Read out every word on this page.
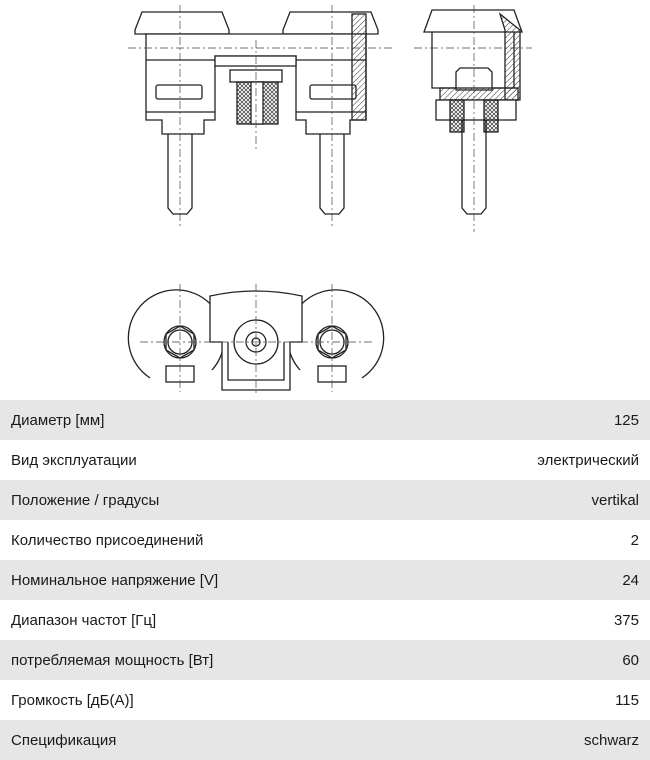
Диаметр [мм]	125
Вид эксплуатации	электрический
Положение / градусы	vertikal
Количество присоединений	2
Номинальное напряжение [V]	24
Диапазон частот [Гц]	375
потребляемая мощность [Вт]	60
Громкость [дБ(A)]	115
Спецификация	schwarz
